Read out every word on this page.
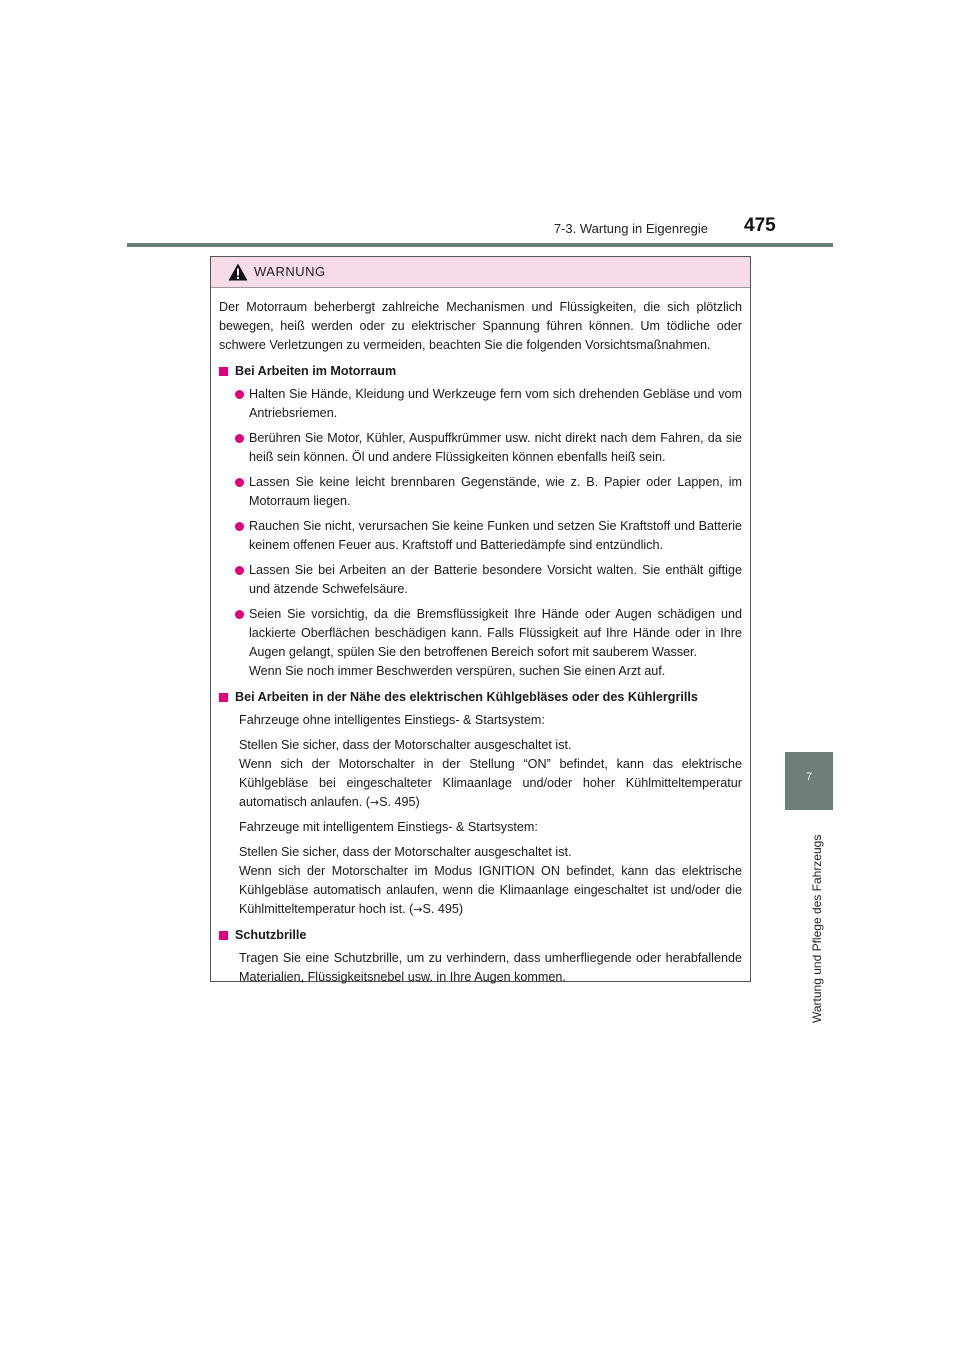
7-3. Wartung in Eigenregie 475
7
Wartung und Pflege des Fahrzeugs
WARNUNG

Der Motorraum beherbergt zahlreiche Mechanismen und Flüssigkeiten, die sich plötzlich bewegen, heiß werden oder zu elektrischer Spannung führen können. Um tödliche oder schwere Verletzungen zu vermeiden, beachten Sie die folgenden Vorsichtsmaßnahmen.

Bei Arbeiten im Motorraum
Halten Sie Hände, Kleidung und Werkzeuge fern vom sich drehenden Gebläse und vom Antriebsriemen.
Berühren Sie Motor, Kühler, Auspuffkrümmer usw. nicht direkt nach dem Fahren, da sie heiß sein können. Öl und andere Flüssigkeiten können ebenfalls heiß sein.
Lassen Sie keine leicht brennbaren Gegenstände, wie z. B. Papier oder Lappen, im Motorraum liegen.
Rauchen Sie nicht, verursachen Sie keine Funken und setzen Sie Kraftstoff und Batterie keinem offenen Feuer aus. Kraftstoff und Batteriedämpfe sind entzündlich.
Lassen Sie bei Arbeiten an der Batterie besondere Vorsicht walten. Sie enthält giftige und ätzende Schwefelsäure.
Seien Sie vorsichtig, da die Bremsflüssigkeit Ihre Hände oder Augen schädigen und lackierte Oberflächen beschädigen kann. Falls Flüssigkeit auf Ihre Hände oder in Ihre Augen gelangt, spülen Sie den betroffenen Bereich sofort mit sauberem Wasser.
Wenn Sie noch immer Beschwerden verspüren, suchen Sie einen Arzt auf.
Bei Arbeiten in der Nähe des elektrischen Kühlgebläses oder des Kühlergrills

Fahrzeuge ohne intelligentes Einstiegs- & Startsystem:

Stellen Sie sicher, dass der Motorschalter ausgeschaltet ist.
Wenn sich der Motorschalter in der Stellung “ON” befindet, kann das elektrische Kühlgebläse bei eingeschalteter Klimaanlage und/oder hoher Kühlmitteltemperatur automatisch anlaufen. (→S. 495)

Fahrzeuge mit intelligentem Einstiegs- & Startsystem:

Stellen Sie sicher, dass der Motorschalter ausgeschaltet ist.
Wenn sich der Motorschalter im Modus IGNITION ON befindet, kann das elektrische Kühlgebläse automatisch anlaufen, wenn die Klimaanlage eingeschaltet ist und/oder die Kühlmitteltemperatur hoch ist. (→S. 495)

Schutzbrille

Tragen Sie eine Schutzbrille, um zu verhindern, dass umherfliegende oder herabfallende Materialien, Flüssigkeitsnebel usw. in Ihre Augen kommen.
